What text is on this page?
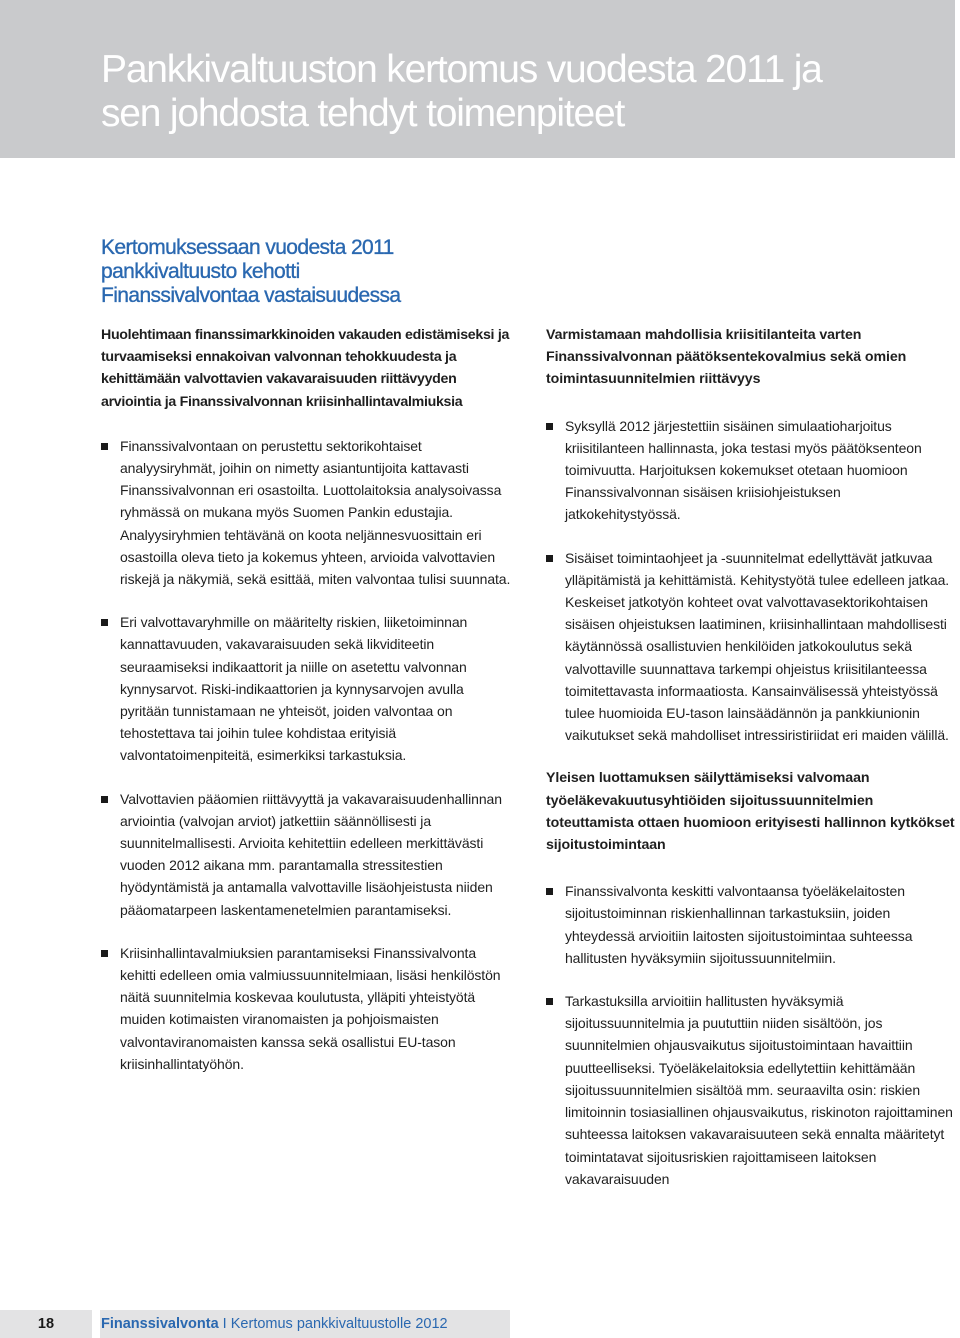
Pankkivaltuuston kertomus vuodesta 2011 ja
sen johdosta tehdyt toimenpiteet
Kertomuksessaan vuodesta 2011
pankkivaltuusto kehotti
Finanssivalvontaa vastaisuudessa

Huolehtimaan finanssimarkkinoiden vakauden edistämiseksi ja turvaamiseksi ennakoivan valvonnan tehokkuudesta ja kehittämään valvottavien vakavaraisuuden riittävyyden arviointia ja Finanssivalvonnan kriisinhallintavalmiuksia

Finanssivalvontaan on perustettu sektorikohtaiset analyysiryhmät, joihin on nimetty asiantuntijoita kattavasti Finanssivalvonnan eri osastoilta. Luottolaitoksia analysoivassa ryhmässä on mukana myös Suomen Pankin edustajia. Analyysiryhmien tehtävänä on koota neljännesvuosittain eri osastoilla oleva tieto ja kokemus yhteen, arvioida valvottavien riskejä ja näkymiä, sekä esittää, miten valvontaa tulisi suunnata.
Eri valvottavaryhmille on määritelty riskien, liiketoiminnan kannattavuuden, vakavaraisuuden sekä likviditeetin seuraamiseksi indikaattorit ja niille on asetettu valvonnan kynnysarvot. Riski-indikaattorien ja kynnysarvojen avulla pyritään tunnistamaan ne yhteisöt, joiden valvontaa on tehostettava tai joihin tulee kohdistaa erityisiä valvontatoimenpiteitä, esimerkiksi tarkastuksia.
Valvottavien pääomien riittävyyttä ja vakavaraisuudenhallinnan arviointia (valvojan arviot) jatkettiin säännöllisesti ja suunnitelmallisesti. Arvioita kehitettiin edelleen merkittävästi vuoden 2012 aikana mm. parantamalla stressitestien hyödyntämistä ja antamalla valvottaville lisäohjeistusta niiden pääomatarpeen laskentamenetelmien parantamiseksi.
Kriisinhallintavalmiuksien parantamiseksi Finanssivalvonta kehitti edelleen omia valmiussuunnitelmiaan, lisäsi henkilöstön näitä suunnitelmia koskevaa koulutusta, ylläpiti yhteistyötä muiden kotimaisten viranomaisten ja pohjoismaisten valvontaviranomaisten kanssa sekä osallistui EU-tason kriisinhallintatyöhön.

Varmistamaan mahdollisia kriisitilanteita varten Finanssivalvonnan päätöksentekovalmius sekä omien toimintasuunnitelmien riittävyys

Syksyllä 2012 järjestettiin sisäinen simulaatioharjoitus kriisitilanteen hallinnasta, joka testasi myös päätöksenteon toimivuutta. Harjoituksen kokemukset otetaan huomioon Finanssivalvonnan sisäisen kriisiohjeistuksen jatkokehitystyössä.
Sisäiset toimintaohjeet ja -suunnitelmat edellyttävät jatkuvaa ylläpitämistä ja kehittämistä. Kehitystyötä tulee edelleen jatkaa. Keskeiset jatkotyön kohteet ovat valvottavasektorikohtaisen sisäisen ohjeistuksen laatiminen, kriisinhallintaan mahdollisesti käytännössä osallistuvien henkilöiden jatkokoulutus sekä valvottaville suunnattava tarkempi ohjeistus kriisitilanteessa toimitettavasta informaatiosta. Kansainvälisessä yhteistyössä tulee huomioida EU-tason lainsäädännön ja pankkiunionin vaikutukset sekä mahdolliset intressiristiriidat eri maiden välillä.

Yleisen luottamuksen säilyttämiseksi valvomaan työeläkevakuutusyhtiöiden sijoitussuunnitelmien toteuttamista ottaen huomioon erityisesti hallinnon kytkökset sijoitustoimintaan

Finanssivalvonta keskitti valvontaansa työeläkelaitosten sijoitustoiminnan riskienhallinnan tarkastuksiin, joiden yhteydessä arvioitiin laitosten sijoitustoimintaa suhteessa hallitusten hyväksymiin sijoitussuunnitelmiin.
Tarkastuksilla arvioitiin hallitusten hyväksymiä sijoitussuunnitelmia ja puututtiin niiden sisältöön, jos suunnitelmien ohjausvaikutus sijoitustoimintaan havaittiin puutteelliseksi. Työeläkelaitoksia edellytettiin kehittämään sijoitussuunnitelmien sisältöä mm. seuraavilta osin: riskien limitoinnin tosiasiallinen ohjausvaikutus, riskinoton rajoittaminen suhteessa laitoksen vakavaraisuuteen sekä ennalta määritetyt toimintatavat sijoitusriskien rajoittamiseen laitoksen vakavaraisuuden
18	Finanssivalvonta I Kertomus pankkivaltuustolle 2012
